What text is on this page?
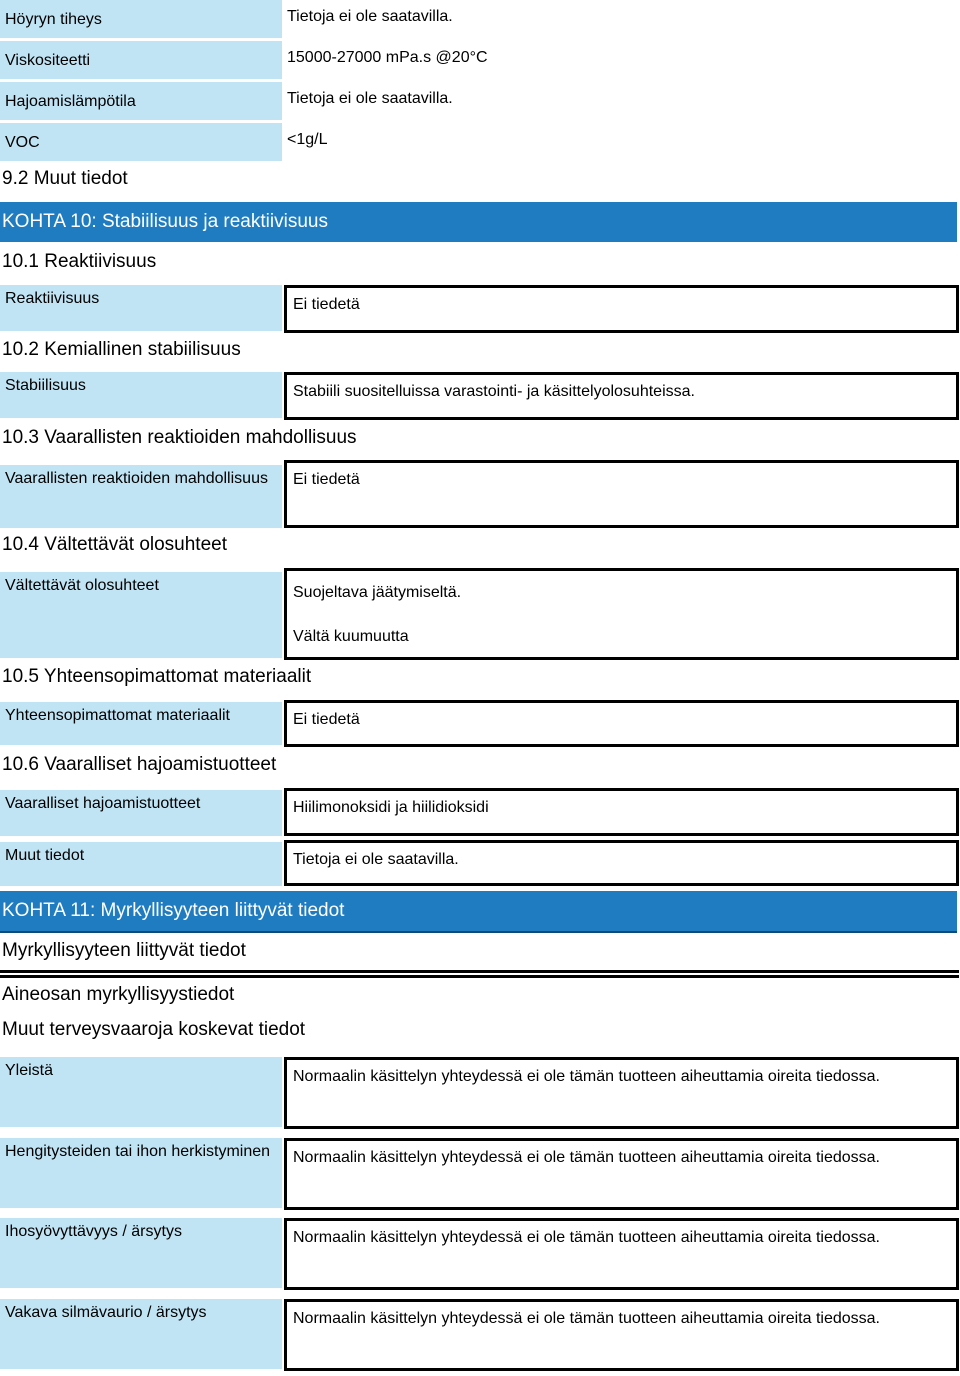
Höyryn tiheys	Tietoja ei ole saatavilla.
Viskositeetti	15000-27000 mPa.s @20°C
Hajoamislämpötila	Tietoja ei ole saatavilla.
VOC	<1g/L
9.2 Muut tiedot
KOHTA 10: Stabiilisuus ja reaktiivisuus
10.1 Reaktiivisuus
Reaktiivisuus	Ei tiedetä
10.2 Kemiallinen stabiilisuus
Stabiilisuus	Stabiili suositelluissa varastointi- ja käsittelyolosuhteissa.
10.3 Vaarallisten reaktioiden mahdollisuus
Vaarallisten reaktioiden mahdollisuus	Ei tiedetä
10.4 Vältettävät olosuhteet
Vältettävät olosuhteet	Suojeltava jäätymiseltä.
Vältä kuumuutta
10.5 Yhteensopimattomat materiaalit
Yhteensopimattomat materiaalit	Ei tiedetä
10.6 Vaaralliset hajoamistuotteet
Vaaralliset hajoamistuotteet	Hiilimonoksidi ja hiilidioksidi
Muut tiedot	Tietoja ei ole saatavilla.
KOHTA 11: Myrkyllisyyteen liittyvät tiedot
Myrkyllisyyteen liittyvät tiedot
Aineosan myrkyllisyystiedot
Muut terveysvaaroja koskevat tiedot
Yleistä	Normaalin käsittelyn yhteydessä ei ole tämän tuotteen aiheuttamia oireita tiedossa.
Hengitysteiden tai ihon herkistyminen	Normaalin käsittelyn yhteydessä ei ole tämän tuotteen aiheuttamia oireita tiedossa.
Ihosyövyttävyys / ärsytys	Normaalin käsittelyn yhteydessä ei ole tämän tuotteen aiheuttamia oireita tiedossa.
Vakava silmävaurio / ärsytys	Normaalin käsittelyn yhteydessä ei ole tämän tuotteen aiheuttamia oireita tiedossa.
